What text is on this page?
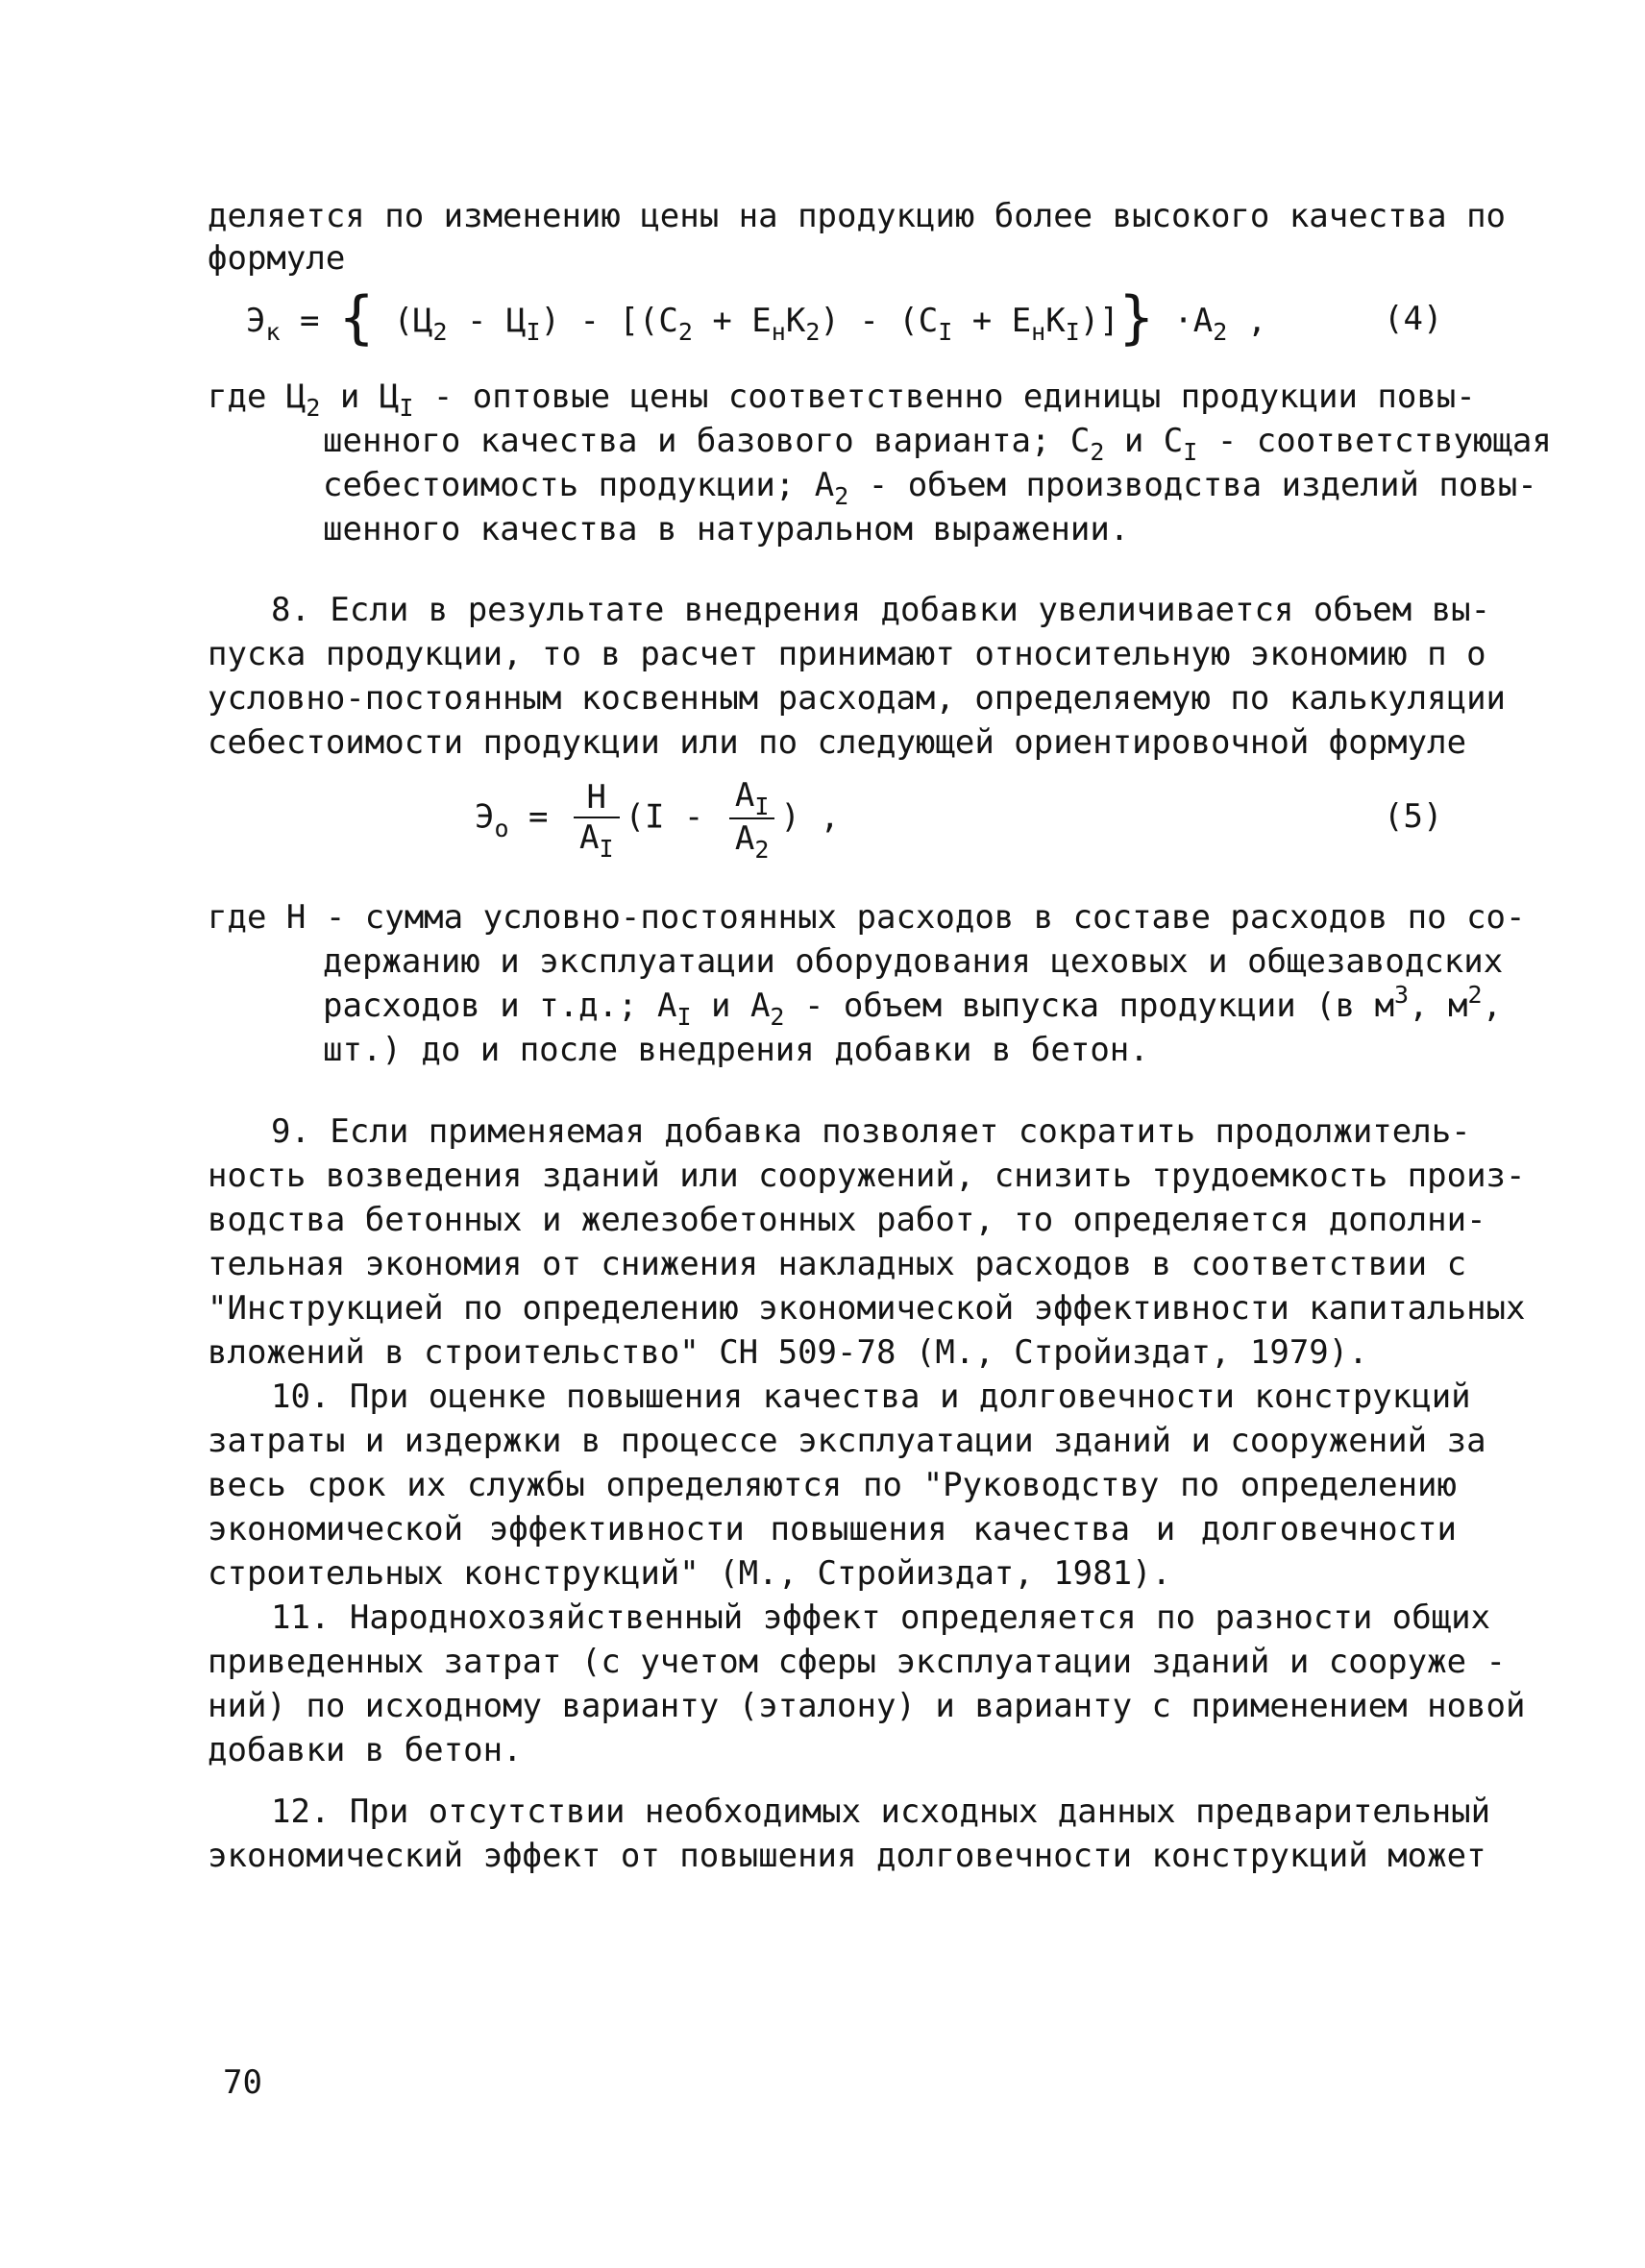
деляется по изменению цены на продукцию более высокого качества по
формуле
$Э_к$ = { $(Ц_2 - Ц_I) - [(С_2 + Е_нК_2) - (С_I + Е_нК_I)]\} \cdot А_2$ ,	(4)
где $Ц_2$ и $Ц_I$ - оптовые цены соответственно единицы продукции повы-
шенного качества и базового варианта; $С_2$ и $С_I$ - соответствующая
себестоимость продукции; $А_2$ - объем производства изделий повы-
шенного качества в натуральном выражении.
8. Если в результате внедрения добавки увеличивается объем вы-
пуска продукции, то в расчет принимают относительную экономию п о
условно-постоянным косвенным расходам, определяемую по калькуляции
себестоимости продукции или по следующей ориентировочной формуле
$Э_о = \frac{Н}{А_I} (I - \frac{А_I}{А_2}$ ) ,	(5)
где Н - сумма условно-постоянных расходов в составе расходов по со-
держанию и эксплуатации оборудования цеховых и общезаводских
расходов и т.д.; $А_I$ и $А_2$ - объем выпуска продукции (в $м^3$, $м^2$,
шт.) до и после внедрения добавки в бетон.
9. Если применяемая добавка позволяет сократить продолжитель-
ность возведения зданий или сооружений, снизить трудоемкость произ-
водства бетонных и железобетонных работ, то определяется дополни-
тельная экономия от снижения накладных расходов в соответствии с
"Инструкцией по определению экономической эффективности капитальных
вложений в строительство" СН 509-78 (М., Стройиздат, 1979).
10. При оценке повышения качества и долговечности конструкций
затраты и издержки в процессе эксплуатации зданий и сооружений за
весь срок их службы определяются по "Руководству по определению
экономической эффективности повышения качества и долговечности
строительных конструкций" (М., Стройиздат, 1981).
11. Народнохозяйственный эффект определяется по разности общих
приведенных затрат (с учетом сферы эксплуатации зданий и сооруже -
ний) по исходному варианту (эталону) и варианту с применением новой
добавки в бетон.
12. При отсутствии необходимых исходных данных предварительный
экономический эффект от повышения долговечности конструкций может
70
